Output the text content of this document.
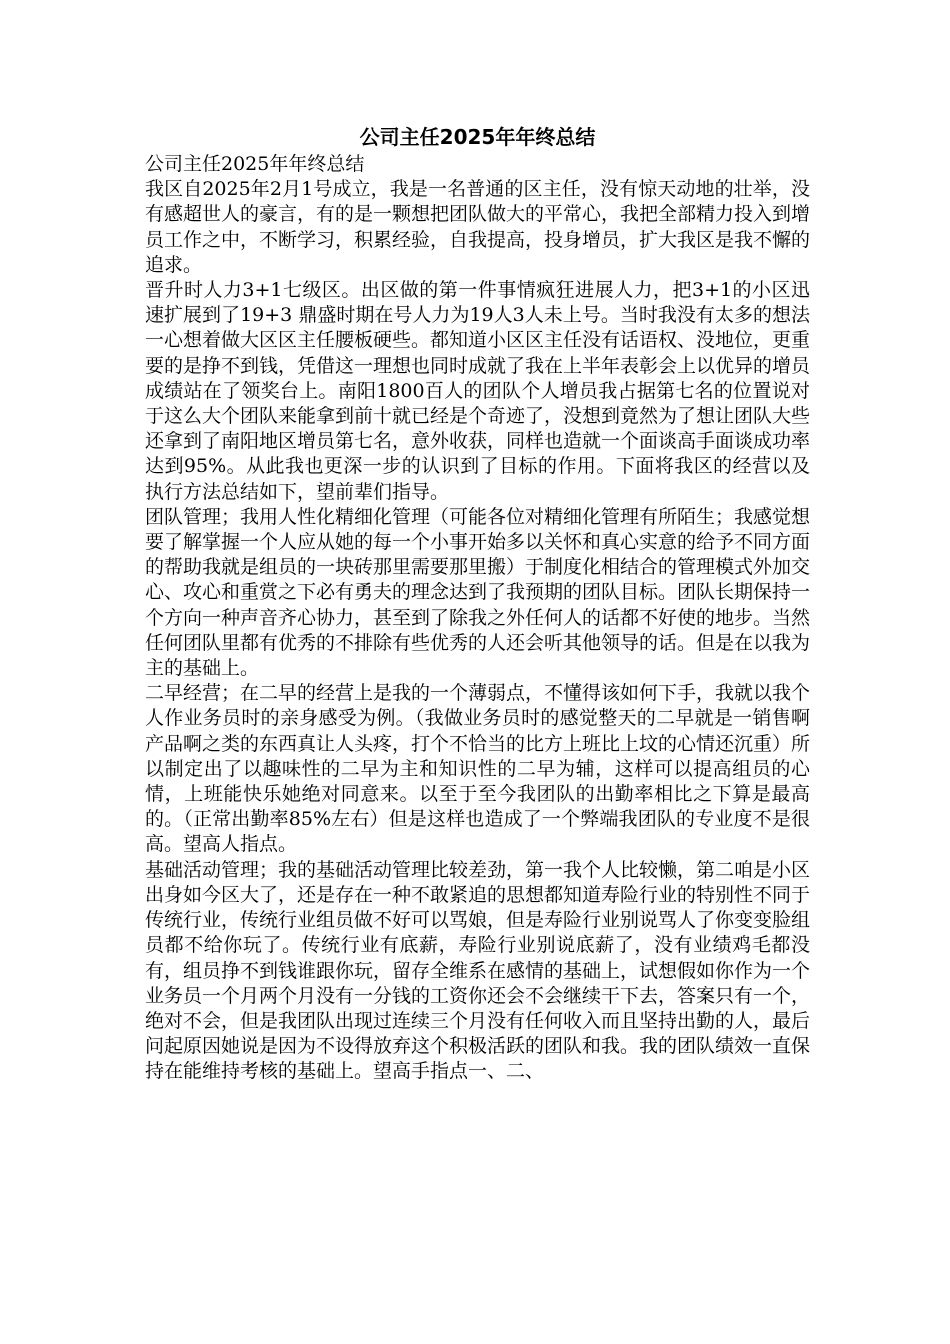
公司主任2025年年终总结

公司主任2025年年终总结

我区自2025年2月1号成立，我是一名普通的区主任，没有惊天动地的壮举，没有感超世人的豪言，有的是一颗想把团队做大的平常心，我把全部精力投入到增员工作之中，不断学习，积累经验，自我提高，投身增员，扩大我区是我不懈的追求。

晋升时人力3+1七级区。出区做的第一件事情疯狂进展人力，把3+1的小区迅速扩展到了19+3 鼎盛时期在号人力为19人3人未上号。当时我没有太多的想法一心想着做大区区主任腰板硬些。都知道小区区主任没有话语权、没地位，更重要的是挣不到钱，凭借这一理想也同时成就了我在上半年表彰会上以优异的增员成绩站在了领奖台上。南阳1800百人的团队个人增员我占据第七名的位置说对于这么大个团队来能拿到前十就已经是个奇迹了，没想到竟然为了想让团队大些还拿到了南阳地区增员第七名，意外收获，同样也造就一个面谈高手面谈成功率达到95%。从此我也更深一步的认识到了目标的作用。下面将我区的经营以及执行方法总结如下，望前辈们指导。

团队管理；我用人性化精细化管理（可能各位对精细化管理有所陌生；我感觉想要了解掌握一个人应从她的每一个小事开始多以关怀和真心实意的给予不同方面的帮助我就是组员的一块砖那里需要那里搬）于制度化相结合的管理模式外加交心、攻心和重赏之下必有勇夫的理念达到了我预期的团队目标。团队长期保持一个方向一种声音齐心协力，甚至到了除我之外任何人的话都不好使的地步。当然任何团队里都有优秀的不排除有些优秀的人还会听其他领导的话。但是在以我为主的基础上。

二早经营；在二早的经营上是我的一个薄弱点，不懂得该如何下手，我就以我个人作业务员时的亲身感受为例。（我做业务员时的感觉整天的二早就是一销售啊产品啊之类的东西真让人头疼，打个不恰当的比方上班比上坟的心情还沉重）所以制定出了以趣味性的二早为主和知识性的二早为辅，这样可以提高组员的心情，上班能快乐她绝对同意来。以至于至今我团队的出勤率相比之下算是最高的。（正常出勤率85%左右）但是这样也造成了一个弊端我团队的专业度不是很高。望高人指点。

基础活动管理；我的基础活动管理比较差劲，第一我个人比较懒，第二咱是小区出身如今区大了，还是存在一种不敢紧追的思想都知道寿险行业的特别性不同于传统行业，传统行业组员做不好可以骂娘，但是寿险行业别说骂人了你变变脸组员都不给你玩了。传统行业有底薪，寿险行业别说底薪了，没有业绩鸡毛都没有，组员挣不到钱谁跟你玩，留存全维系在感情的基础上，试想假如你作为一个业务员一个月两个月没有一分钱的工资你还会不会继续干下去，答案只有一个，绝对不会，但是我团队出现过连续三个月没有任何收入而且坚持出勤的人，最后问起原因她说是因为不设得放弃这个积极活跃的团队和我。我的团队绩效一直保持在能维持考核的基础上。望高手指点一、二、
